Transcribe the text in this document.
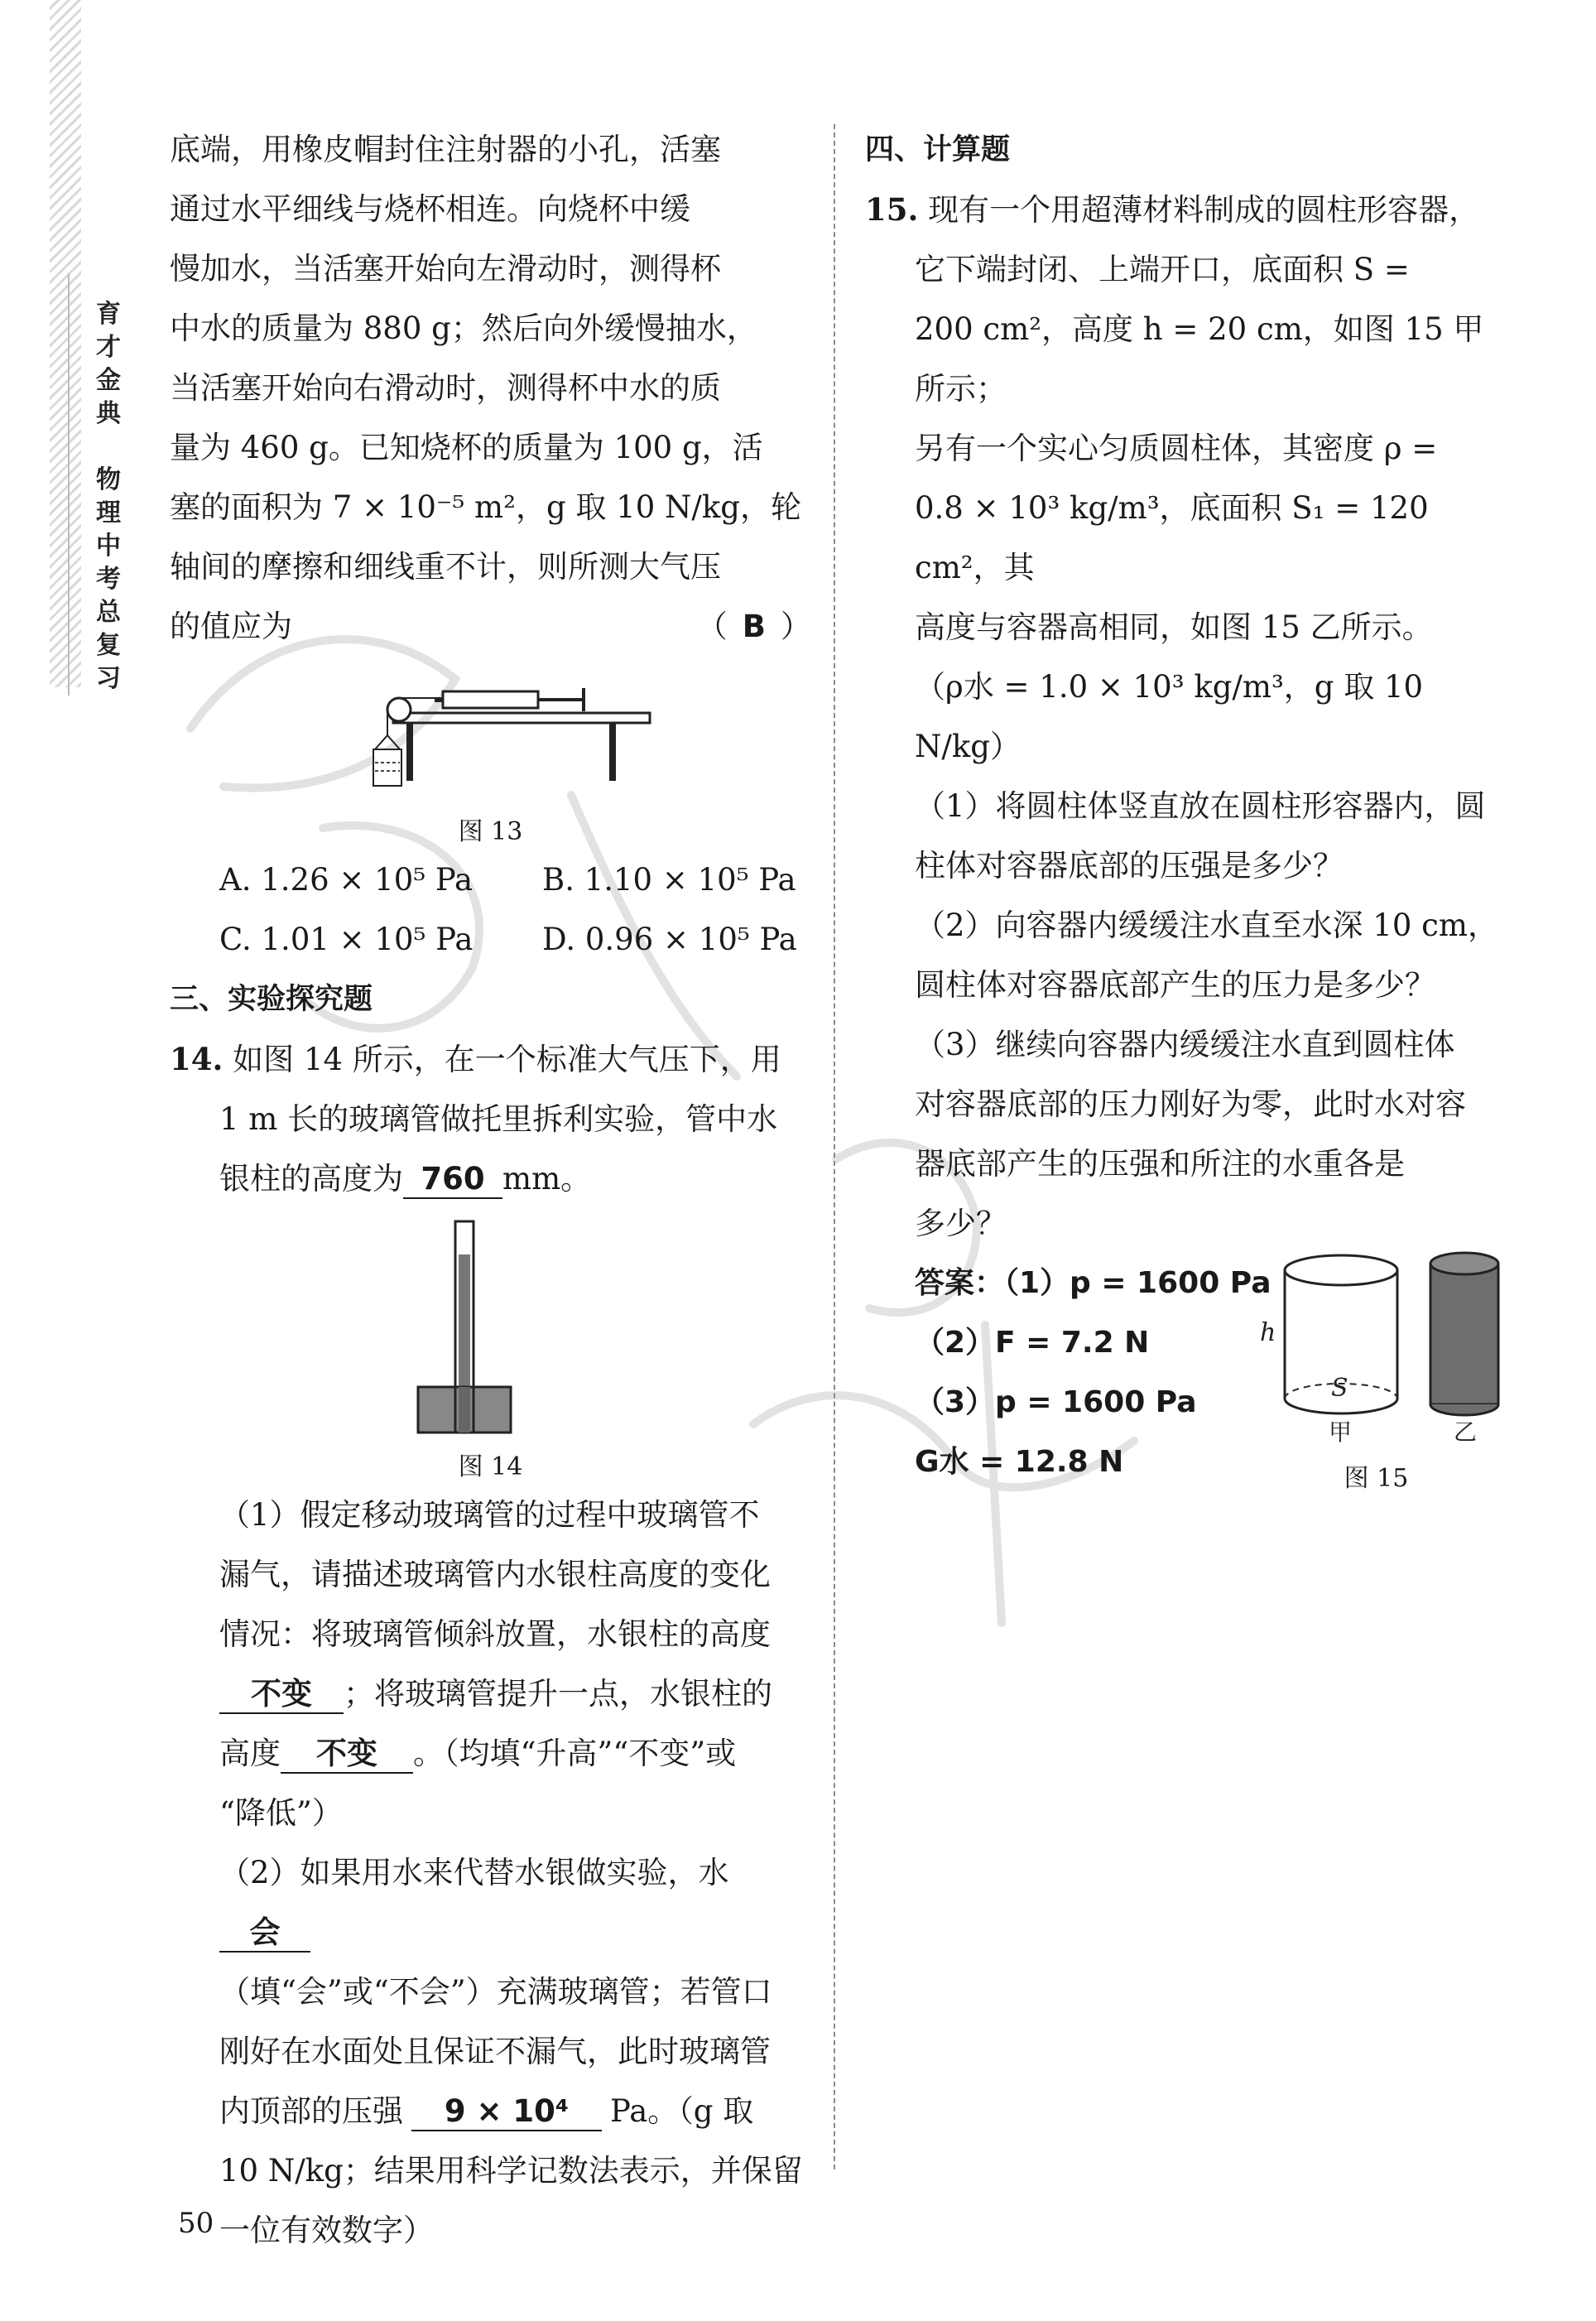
育
才
金
典
物
理
中
考
总
复
习

底端，用橡皮帽封住注射器的小孔，活塞

通过水平细线与烧杯相连。向烧杯中缓

慢加水，当活塞开始向左滑动时，测得杯

中水的质量为 880 g；然后向外缓慢抽水，

当活塞开始向右滑动时，测得杯中水的质

量为 460 g。已知烧杯的质量为 100 g，活

塞的面积为 7 × 10⁻⁵ m²，g 取 10 N/kg，轮

轴间的摩擦和细线重不计，则所测大气压

的值应为	（ B ）

图 13

A. 1.26 × 10⁵ Pa	B. 1.10 × 10⁵ Pa
C. 1.01 × 10⁵ Pa	D. 0.96 × 10⁵ Pa

三、实验探究题

14. 如图 14 所示，在一个标准大气压下，用

1 m 长的玻璃管做托里拆利实验，管中水

银柱的高度为 760 mm。

图 14

（1）假定移动玻璃管的过程中玻璃管不

漏气，请描述玻璃管内水银柱高度的变化

情况：将玻璃管倾斜放置，水银柱的高度

不变 ；将玻璃管提升一点，水银柱的

高度 不变 。（均填“升高”“不变”或

“降低”）

（2）如果用水来代替水银做实验，水会

（填“会”或“不会”）充满玻璃管；若管口

刚好在水面处且保证不漏气，此时玻璃管

内顶部的压强 9 × 10⁴ Pa。（g 取

10 N/kg；结果用科学记数法表示，并保留

一位有效数字）

四、计算题

15. 现有一个用超薄材料制成的圆柱形容器，

它下端封闭、上端开口，底面积 S =

200 cm²，高度 h = 20 cm，如图 15 甲所示；

另有一个实心匀质圆柱体，其密度 ρ =

0.8 × 10³ kg/m³，底面积 S₁ = 120 cm²，其

高度与容器高相同，如图 15 乙所示。

（ρ水 = 1.0 × 10³ kg/m³，g 取 10 N/kg）

（1）将圆柱体竖直放在圆柱形容器内，圆

柱体对容器底部的压强是多少？

（2）向容器内缓缓注水直至水深 10 cm，

圆柱体对容器底部产生的压力是多少？

（3）继续向容器内缓缓注水直到圆柱体

对容器底部的压力刚好为零，此时水对容

器底部产生的压强和所注的水重各是

多少？

答案：（1）p = 1600 Pa

（2）F = 7.2 N

（3）p = 1600 Pa

G水 = 12.8 N

h
S
甲	乙

图 15

50
